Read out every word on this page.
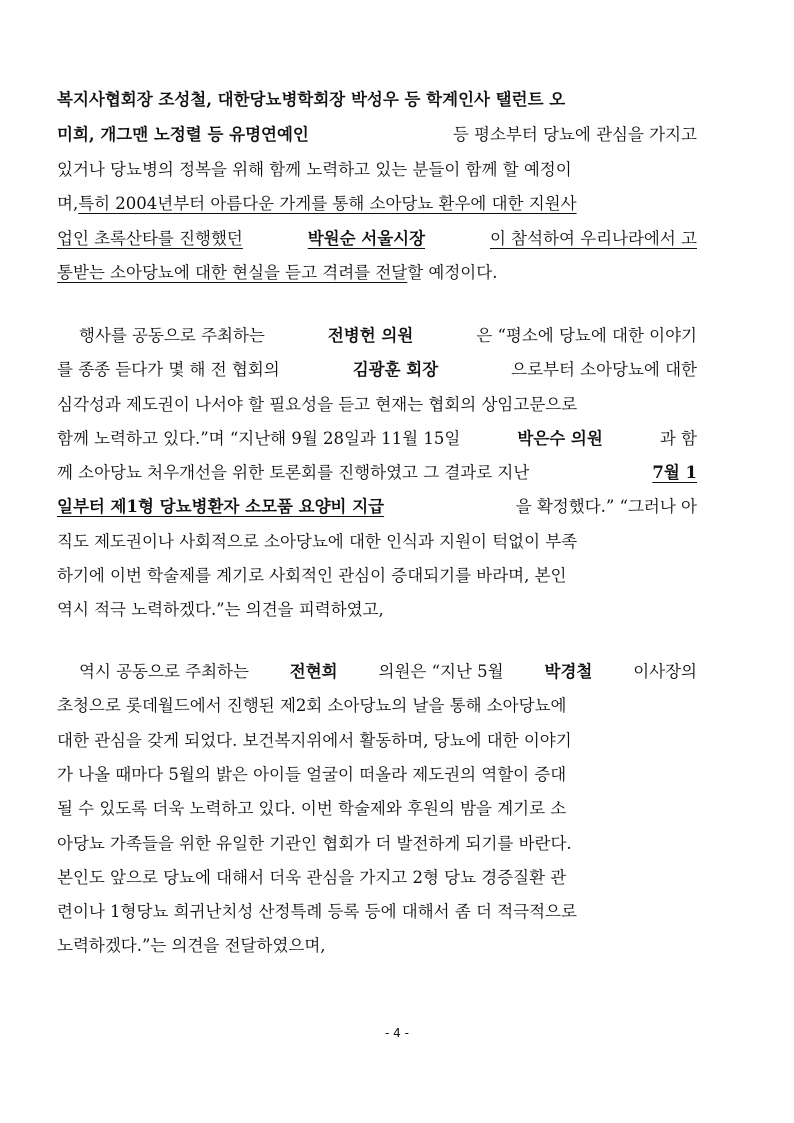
복지사협회장 조성철, 대한당뇨병학회장 박성우 등 학계인사 탤런트 오
미희, 개그맨 노정렬 등 유명연예인	등 평소부터 당뇨에 관심을 가지고
있거나 당뇨병의 정복을 위해 함께 노력하고 있는 분들이 함께 할 예정이
며, 특히 2004년부터 아름다운 가게를 통해 소아당뇨 환우에 대한 지원사
업인 초록산타를 진행했던	박원순 서울시장	이 참석하여 우리나라에서 고
통받는 소아당뇨에 대한 현실을 듣고 격려를 전달 할 예정이다.
행사를 공동으로 주최하는	전병헌 의원	은 “평소에 당뇨에 대한 이야기
를 종종 듣다가 몇 해 전 협회의	김광훈 회장	으로부터 소아당뇨에 대한
심각성과 제도권이 나서야 할 필요성을 듣고 현재는 협회의 상임고문으로
함께 노력하고 있다.”며 “지난해 9월 28일과 11월 15일	박은수 의원	과 함
께 소아당뇨 처우개선을 위한 토론회를 진행하였고 그 결과로 지난	7월 1
일부터 제1형 당뇨병환자 소모품 요양비 지급	을 확정했다.” “그러나 아
직도 제도권이나 사회적으로 소아당뇨에 대한 인식과 지원이 턱없이 부족
하기에 이번 학술제를 계기로 사회적인 관심이 증대되기를 바라며, 본인
역시 적극 노력하겠다.”는 의견을 피력하였고,
역시 공동으로 주최하는 전현희 의원은 “지난 5월 박경철 이사장의
초청으로 롯데월드에서 진행된 제2회 소아당뇨의 날을 통해 소아당뇨에
대한 관심을 갖게 되었다. 보건복지위에서 활동하며, 당뇨에 대한 이야기
가 나올 때마다 5월의 밝은 아이들 얼굴이 떠올라 제도권의 역할이 증대
될 수 있도록 더욱 노력하고 있다. 이번 학술제와 후원의 밤을 계기로 소
아당뇨 가족들을 위한 유일한 기관인 협회가 더 발전하게 되기를 바란다.
본인도 앞으로 당뇨에 대해서 더욱 관심을 가지고 2형 당뇨 경증질환 관
련이나 1형당뇨 희귀난치성 산정특례 등록 등에 대해서 좀 더 적극적으로
노력하겠다.”는 의견을 전달하였으며,
- 4 -
